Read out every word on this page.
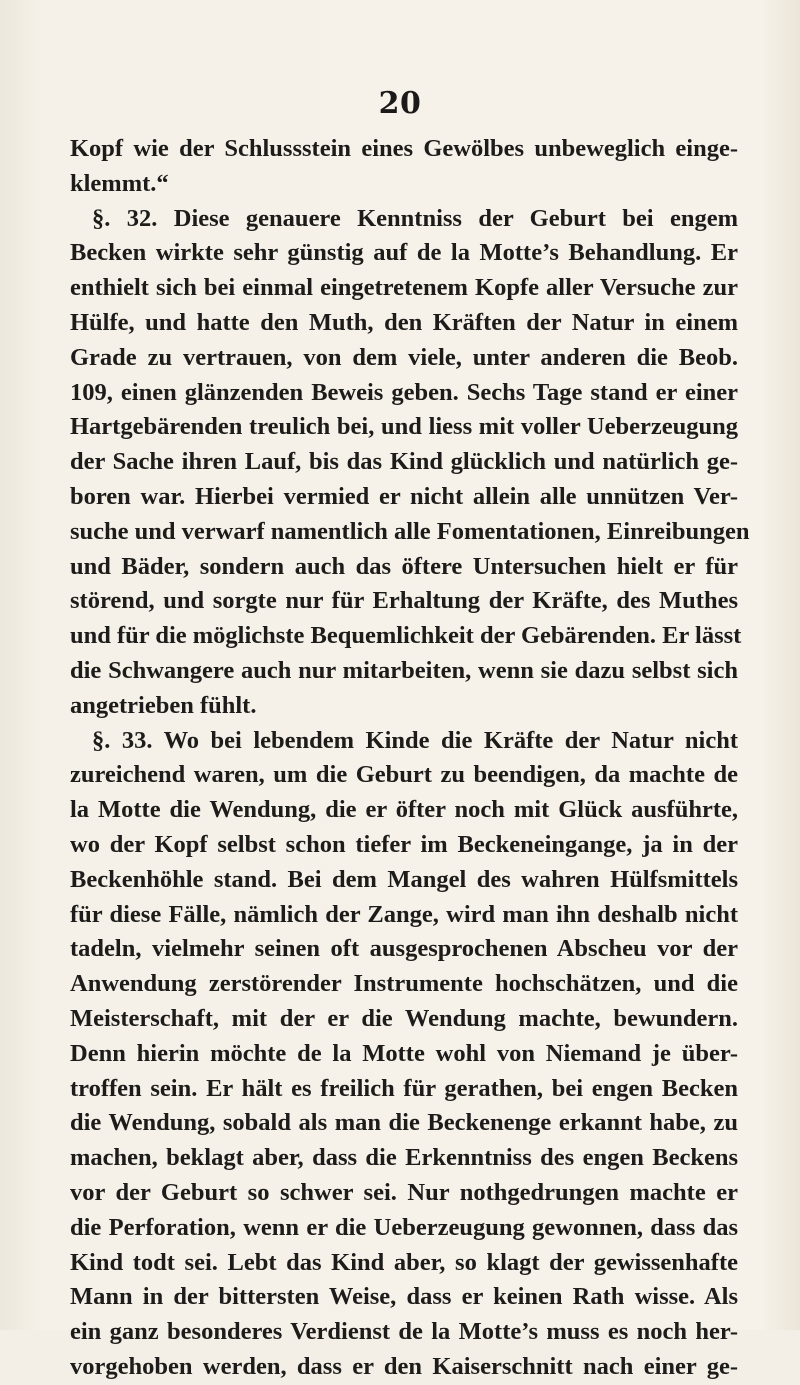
20
Kopf wie der Schlussstein eines Gewölbes unbeweglich einge-
klemmt.“
§. 32. Diese genauere Kenntniss der Geburt bei engem
Becken wirkte sehr günstig auf de la Motte’s Behandlung. Er
enthielt sich bei einmal eingetretenem Kopfe aller Versuche zur
Hülfe, und hatte den Muth, den Kräften der Natur in einem
Grade zu vertrauen, von dem viele, unter anderen die Beob.
109, einen glänzenden Beweis geben. Sechs Tage stand er einer
Hartgebärenden treulich bei, und liess mit voller Ueberzeugung
der Sache ihren Lauf, bis das Kind glücklich und natürlich ge-
boren war. Hierbei vermied er nicht allein alle unnützen Ver-
suche und verwarf namentlich alle Fomentationen, Einreibungen
und Bäder, sondern auch das öftere Untersuchen hielt er für
störend, und sorgte nur für Erhaltung der Kräfte, des Muthes
und für die möglichste Bequemlichkeit der Gebärenden. Er lässt
die Schwangere auch nur mitarbeiten, wenn sie dazu selbst sich
angetrieben fühlt.
§. 33. Wo bei lebendem Kinde die Kräfte der Natur nicht
zureichend waren, um die Geburt zu beendigen, da machte de
la Motte die Wendung, die er öfter noch mit Glück ausführte,
wo der Kopf selbst schon tiefer im Beckeneingange, ja in der
Beckenhöhle stand. Bei dem Mangel des wahren Hülfsmittels
für diese Fälle, nämlich der Zange, wird man ihn deshalb nicht
tadeln, vielmehr seinen oft ausgesprochenen Abscheu vor der
Anwendung zerstörender Instrumente hochschätzen, und die
Meisterschaft, mit der er die Wendung machte, bewundern.
Denn hierin möchte de la Motte wohl von Niemand je über-
troffen sein. Er hält es freilich für gerathen, bei engen Becken
die Wendung, sobald als man die Beckenenge erkannt habe, zu
machen, beklagt aber, dass die Erkenntniss des engen Beckens
vor der Geburt so schwer sei. Nur nothgedrungen machte er
die Perforation, wenn er die Ueberzeugung gewonnen, dass das
Kind todt sei. Lebt das Kind aber, so klagt der gewissenhafte
Mann in der bittersten Weise, dass er keinen Rath wisse. Als
ein ganz besonderes Verdienst de la Motte’s muss es noch her-
vorgehoben werden, dass er den Kaiserschnitt nach einer ge-
